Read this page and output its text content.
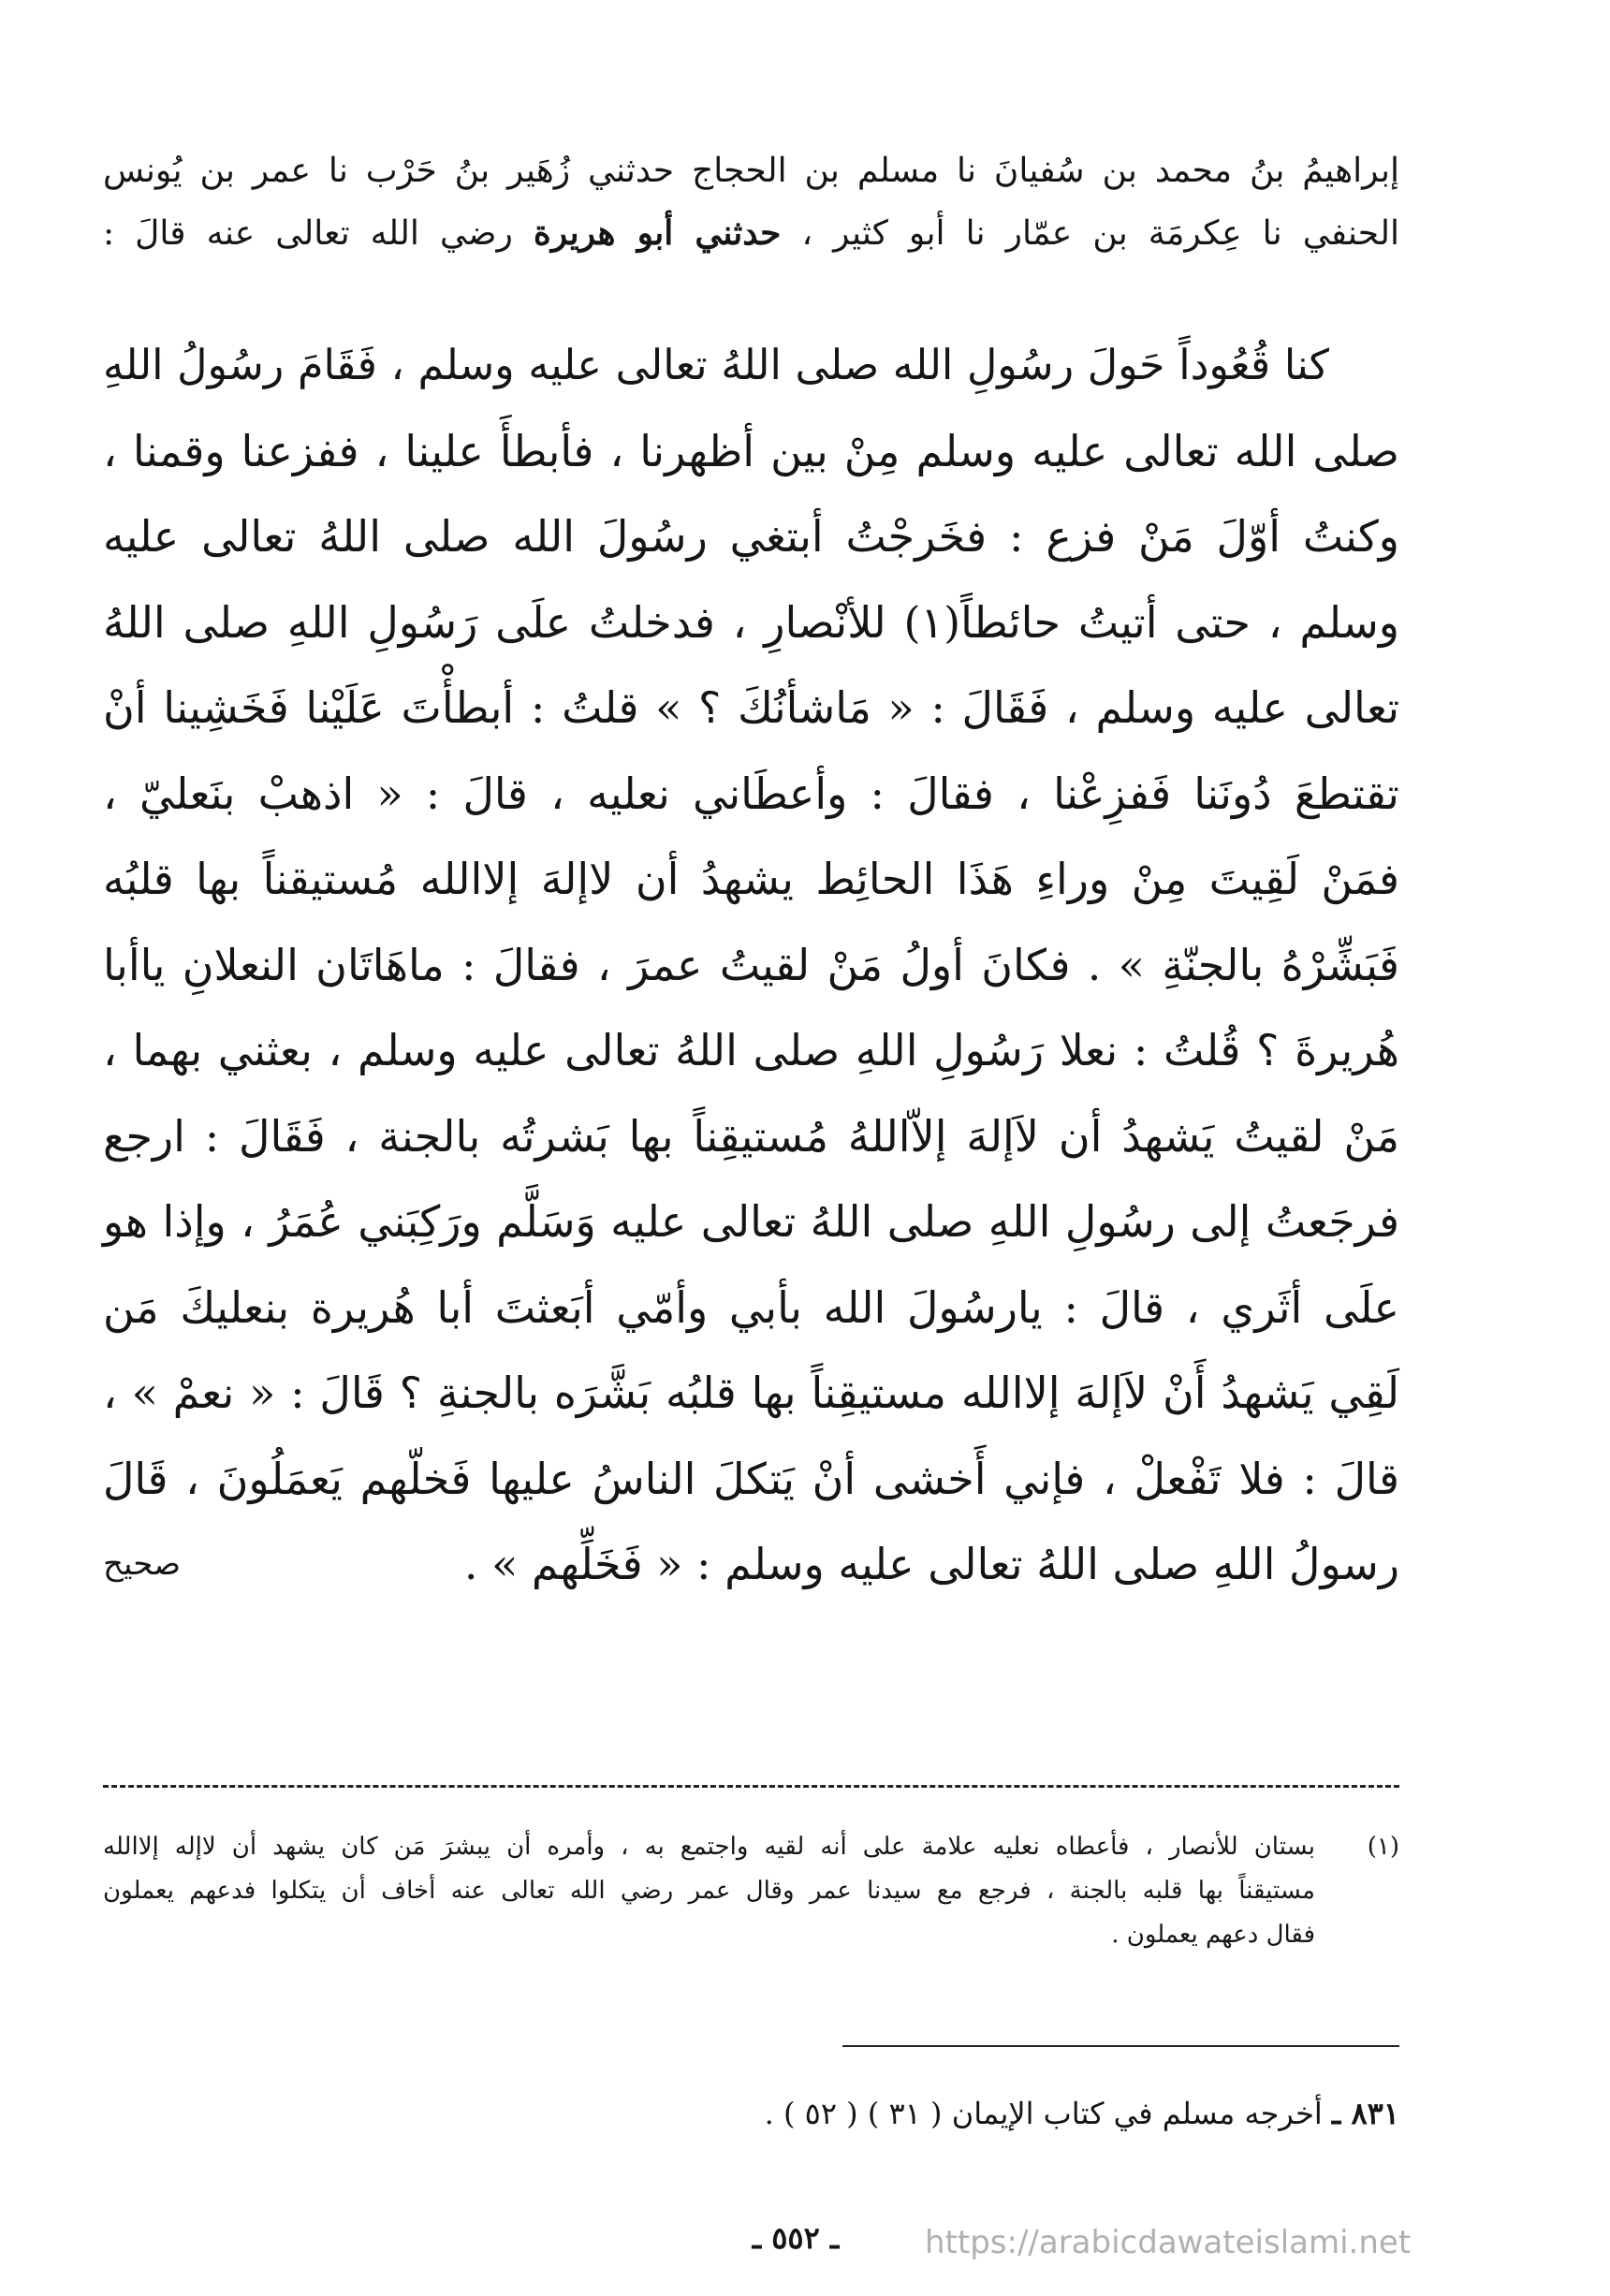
إبراهيمُ بنُ محمد بن سُفيانَ نا مسلم بن الحجاج حدثني زُهَير بنُ حَرْب نا عمر بن يُونس
الحنفي نا عِكرمَة بن عمّار نا أبو كثير ، حدثني أبو هريرة رضي الله تعالى عنه قالَ :
كنا قُعُوداً حَولَ رسُولِ الله صلى اللهُ تعالى عليه وسلم ، فَقَامَ رسُولُ اللهِ
صلى الله تعالى عليه وسلم مِنْ بين أظهرنا ، فأبطأَ علينا ، ففزعنا وقمنا ،
وكنتُ أوّلَ مَنْ فزع : فخَرجْتُ أبتغي رسُولَ الله صلى اللهُ تعالى عليه
وسلم ، حتى أتيتُ حائطاً(١) للأنْصارِ ، فدخلتُ علَى رَسُولِ اللهِ صلى اللهُ
تعالى عليه وسلم ، فَقَالَ : « مَاشأنُكَ ؟ » قلتُ : أبطأْتَ عَلَيْنا فَخَشِينا أنْ
تقتطعَ دُونَنا فَفزِعْنا ، فقالَ : وأعطَاني نعليه ، قالَ : « اذهبْ بنَعليّ ،
فمَنْ لَقِيتَ مِنْ وراءِ هَذَا الحائِط يشهدُ أن لاإلهَ إلاالله مُستيقناً بها قلبُه
فَبَشِّرْهُ بالجنّةِ » . فكانَ أولُ مَنْ لقيتُ عمرَ ، فقالَ : ماهَاتَان النعلانِ ياأبا
هُريرةَ ؟ قُلتُ : نعلا رَسُولِ اللهِ صلى اللهُ تعالى عليه وسلم ، بعثني بهما ،
مَنْ لقيتُ يَشهدُ أن لاَإلهَ إلاّاللهُ مُستيقِناً بها بَشرتُه بالجنة ، فَقَالَ : ارجع
فرجَعتُ إلى رسُولِ اللهِ صلى اللهُ تعالى عليه وَسَلَّم ورَكِبَني عُمَرُ ، وإذا هو
علَى أثَري ، قالَ : يارسُولَ الله بأبي وأمّي أبَعثتَ أبا هُريرة بنعليكَ مَن
لَقِي يَشهدُ أَنْ لاَإلهَ إلاالله مستيقِناً بها قلبُه بَشَّرَه بالجنةِ ؟ قَالَ : « نعمْ » ،
قالَ : فلا تَفْعلْ ، فإني أَخشى أنْ يَتكلَ الناسُ عليها فَخلّهم يَعمَلُونَ ، قَالَ
رسولُ اللهِ صلى اللهُ تعالى عليه وسلم : « فَخَلِّهم » .
صحيح
(١)
بستان للأنصار ، فأعطاه نعليه علامة على أنه لقيه واجتمع به ، وأمره أن يبشرَ مَن كان يشهد أن لاإله إلاالله
مستيقناً بها قلبه بالجنة ، فرجع مع سيدنا عمر وقال عمر رضي الله تعالى عنه أخاف أن يتكلوا فدعهم يعملون
فقال دعهم يعملون .
٨٣١ ـ أخرجه مسلم في كتاب الإيمان ( ٣١ ) ( ٥٢ ) .
ـ ٥٥٢ ـ	https://arabicdawateislami.net
